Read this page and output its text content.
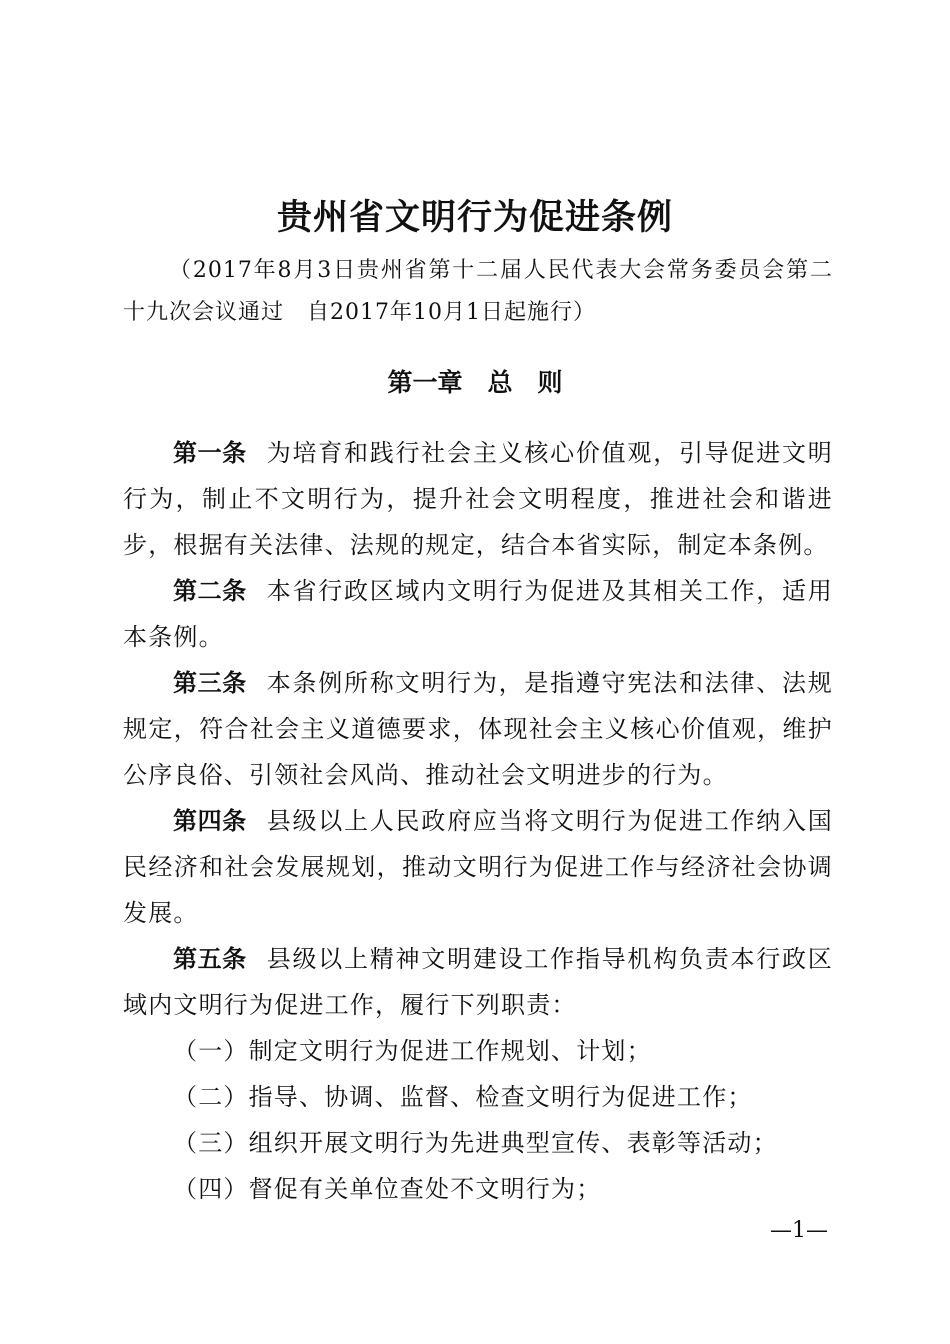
贵州省文明行为促进条例

（2017年8月3日贵州省第十二届人民代表大会常务委员会第二十九次会议通过　自2017年10月1日起施行）

第一章　总　则

第一条 为培育和践行社会主义核心价值观，引导促进文明行为，制止不文明行为，提升社会文明程度，推进社会和谐进步，根据有关法律、法规的规定，结合本省实际，制定本条例。

第二条 本省行政区域内文明行为促进及其相关工作，适用本条例。

第三条 本条例所称文明行为，是指遵守宪法和法律、法规规定，符合社会主义道德要求，体现社会主义核心价值观，维护公序良俗、引领社会风尚、推动社会文明进步的行为。

第四条 县级以上人民政府应当将文明行为促进工作纳入国民经济和社会发展规划，推动文明行为促进工作与经济社会协调发展。

第五条 县级以上精神文明建设工作指导机构负责本行政区域内文明行为促进工作，履行下列职责：

（一）制定文明行为促进工作规划、计划；

（二）指导、协调、监督、检查文明行为促进工作；

（三）组织开展文明行为先进典型宣传、表彰等活动；

（四）督促有关单位查处不文明行为；

—1—
